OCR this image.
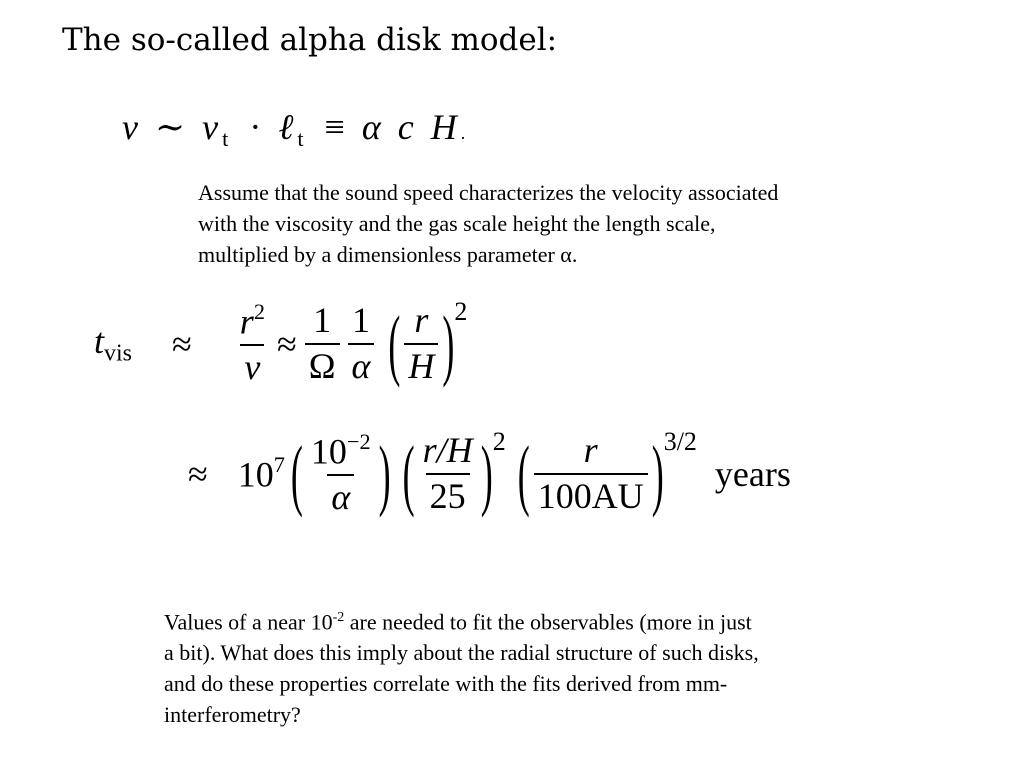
The so-called alpha disk model:
ν ∼ v $_t$ · ℓ $_t$ ≡ α c H .
Assume that the sound speed characterizes the velocity associated with the viscosity and the gas scale height the length scale, multiplied by a dimensionless parameter α.
$t_{vis} \approx \frac{r^2}{\nu} \approx \frac{1}{\Omega} \frac{1}{\alpha}$ ( $\frac{r}{H}$ ) 2
≈ $10^7$ ( $\frac{10^{-2}}{\alpha}$ ) ( $\frac{r/H}{25}$ ) 2 ( $\frac{r}{100AU}$ ) 3/2
years
Values of a near $10^{-2}$ are needed to fit the observables (more in just a bit). What does this imply about the radial structure of such disks, and do these properties correlate with the fits derived from mm-interferometry?
